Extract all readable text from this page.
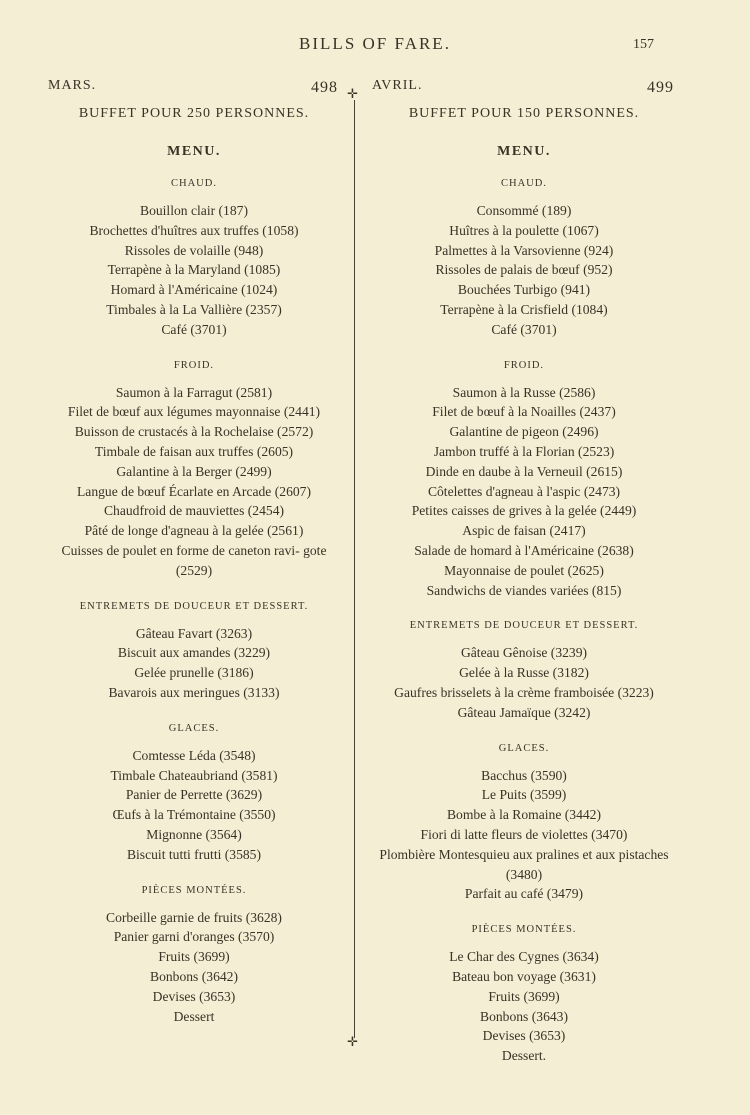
BILLS OF FARE.	157
✛
✛
MARS.	498
BUFFET POUR 250 PERSONNES.
MENU.
CHAUD.
Bouillon clair (187)
Brochettes d'huîtres aux truffes (1058)
Rissoles de volaille (948)
Terrapène à la Maryland (1085)
Homard à l'Américaine (1024)
Timbales à la La Vallière (2357)
Café (3701)
FROID.
Saumon à la Farragut (2581)
Filet de bœuf aux légumes mayonnaise (2441)
Buisson de crustacés à la Rochelaise (2572)
Timbale de faisan aux truffes (2605)
Galantine à la Berger (2499)
Langue de bœuf Écarlate en Arcade (2607)
Chaudfroid de mauviettes (2454)
Pâté de longe d'agneau à la gelée (2561)
Cuisses de poulet en forme de caneton ravi- gote (2529)
ENTREMETS DE DOUCEUR ET DESSERT.
Gâteau Favart (3263)
Biscuit aux amandes (3229)
Gelée prunelle (3186)
Bavarois aux meringues (3133)
GLACES.
Comtesse Léda (3548)
Timbale Chateaubriand (3581)
Panier de Perrette (3629)
Œufs à la Trémontaine (3550)
Mignonne (3564)
Biscuit tutti frutti (3585)
PIÈCES MONTÉES.
Corbeille garnie de fruits (3628)
Panier garni d'oranges (3570)
Fruits (3699)
Bonbons (3642)
Devises (3653)
Dessert
AVRIL.	499
BUFFET POUR 150 PERSONNES.
MENU.
CHAUD.
Consommé (189)
Huîtres à la poulette (1067)
Palmettes à la Varsovienne (924)
Rissoles de palais de bœuf (952)
Bouchées Turbigo (941)
Terrapène à la Crisfield (1084)
Café (3701)
FROID.
Saumon à la Russe (2586)
Filet de bœuf à la Noailles (2437)
Galantine de pigeon (2496)
Jambon truffé à la Florian (2523)
Dinde en daube à la Verneuil (2615)
Côtelettes d'agneau à l'aspic (2473)
Petites caisses de grives à la gelée (2449)
Aspic de faisan (2417)
Salade de homard à l'Américaine (2638)
Mayonnaise de poulet (2625)
Sandwichs de viandes variées (815)
ENTREMETS DE DOUCEUR ET DESSERT.
Gâteau Gênoise (3239)
Gelée à la Russe (3182)
Gaufres brisselets à la crème framboisée (3223)
Gâteau Jamaïque (3242)
GLACES.
Bacchus (3590)
Le Puits (3599)
Bombe à la Romaine (3442)
Fiori di latte fleurs de violettes (3470)
Plombière Montesquieu aux pralines et aux pistaches (3480)
Parfait au café (3479)
PIÈCES MONTÉES.
Le Char des Cygnes (3634)
Bateau bon voyage (3631)
Fruits (3699)
Bonbons (3643)
Devises (3653)
Dessert.
